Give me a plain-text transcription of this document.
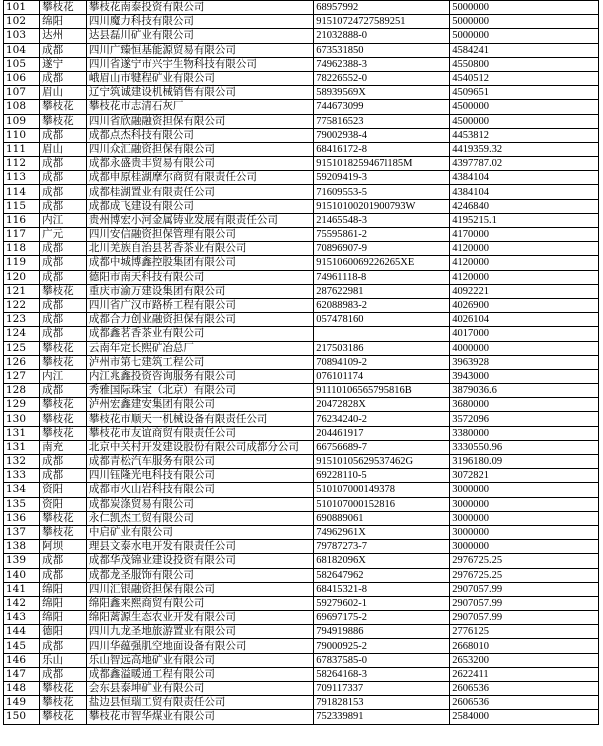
101	攀枝花	攀枝花南泰投资有限公司	68957992	5000000
102	绵阳	四川魔力科技有限公司	91510724727589251	5000000
103	达州	达县磊川矿业有限公司	21032888-0	5000000
104	成都	四川广臻恒基能源贸易有限公司	673531850	4584241
105	遂宁	四川省遂宁市兴宇生物科技有限公司	74962388-3	4550800
106	成都	峨眉山市犍程矿业有限公司	78226552-0	4540512
107	眉山	辽宁筑诚建设机械销售有限公司	58939569X	4509651
108	攀枝花	攀枝花市志清石灰厂	744673099	4500000
109	攀枝花	四川省欣融融资担保有限公司	775816523	4500000
110	成都	成都点杰科技有限公司	79002938-4	4453812
111	眉山	四川众汇融资担保有限公司	68416172-8	4419359.32
112	成都	成都永盛贵丰贸易有限公司	9151018259467l185M	4397787.02
113	成都	成都申原桂湖摩尔商贸有限责任公司	59209419-3	4384104
114	成都	成都桂湖置业有限责任公司	71609553-5	4384104
115	成都	成都成飞建设有限公司	91510100201900793W	4246840
116	内江	贵州博宏小河金属铸业发展有限责任公司	21465548-3	4195215.1
117	广元	四川安信融资担保管理有限公司	75595861-2	4170000
118	成都	北川羌族自治县茗香茶业有限公司	70896907-9	4120000
119	成都	成都中城博鑫控股集团有限公司	91510600692262​65XE	4120000
120	成都	德阳市南天科技有限公司	74961118-8	4120000
121	攀枝花	重庆市渝万建设集团有限公司	287622981	4092221
122	成都	四川省广汉市路桥工程有限公司	62088983-2	4026900
123	成都	成都合力创业融资担保有限公司	057478160	4026104
124	成都	成都鑫茗香茶业有限公司		4017000
125	攀枝花	云南年定长熙矿冶总厂	217503186	4000000
126	攀枝花	泸州市第七建筑工程公司	70894109-2	3963928
127	内江	内江兆鑫投资咨询服务有限公司	076101174	3943000
128	成都	秀雅国际珠宝（北京）有限公司	91110106565795816B	3879036.6
129	攀枝花	泸州宏鑫建安集团有限公司	20472828X	3680000
130	攀枝花	攀枝花市顺天一机械设备有限责任公司	76234240-2	3572096
131	攀枝花	攀枝花市友谊商贸有限责任公司	204461917	3380000
131	南充	北京中关村开发建设股份有限公司成都分公司	66756689-7	3330550.96
132	成都	成都青松汽车服务有限公司	91510105629537462G	3196180.09
133	成都	四川钰隆光电科技有限公司	69228110-5	3072821
134	资阳	成都市火山岩科技有限公司	510107000149378	3000000
135	资阳	成都炭涤贸易有限公司	510107000152816	3000000
136	攀枝花	永仁凯杰工贸有限公司	690889061	3000000
137	攀枝花	中启矿业有限公司	74962961X	3000000
138	阿坝	理县文泰水电开发有限责任公司	79787273-7	3000000
139	成都	成都华茂锦业建设投资有限公司	68182096X	2976725.25
140	成都	成都龙圣服饰有限公司	582647962	2976725.25
141	绵阳	四川汇银融资担保有限公司	68415321-8	2907057.99
142	绵阳	绵阳鑫来熙商贸有限公司	59279602-1	2907057.99
143	绵阳	绵阳蓠源生态农业开发有限公司	69697175-2	2907057.99
144	德阳	四川九龙圣地旅游置业有限公司	794919886	2776125
145	成都	四川华蕴强肌空地面设备有限公司	79000925-2	2668010
146	乐山	乐山智远高地矿业有限公司	67837585-0	2653200
147	成都	成都鑫溢暖通工程有限公司	58264168-3	2622411
148	攀枝花	会东县泰坤矿业有限公司	709117337	2606536
149	攀枝花	盐边县恒瑞工贸有限责任公司	791828153	2606536
150	攀枝花	攀枝花市智华煤业有限公司	752339891	2584000
